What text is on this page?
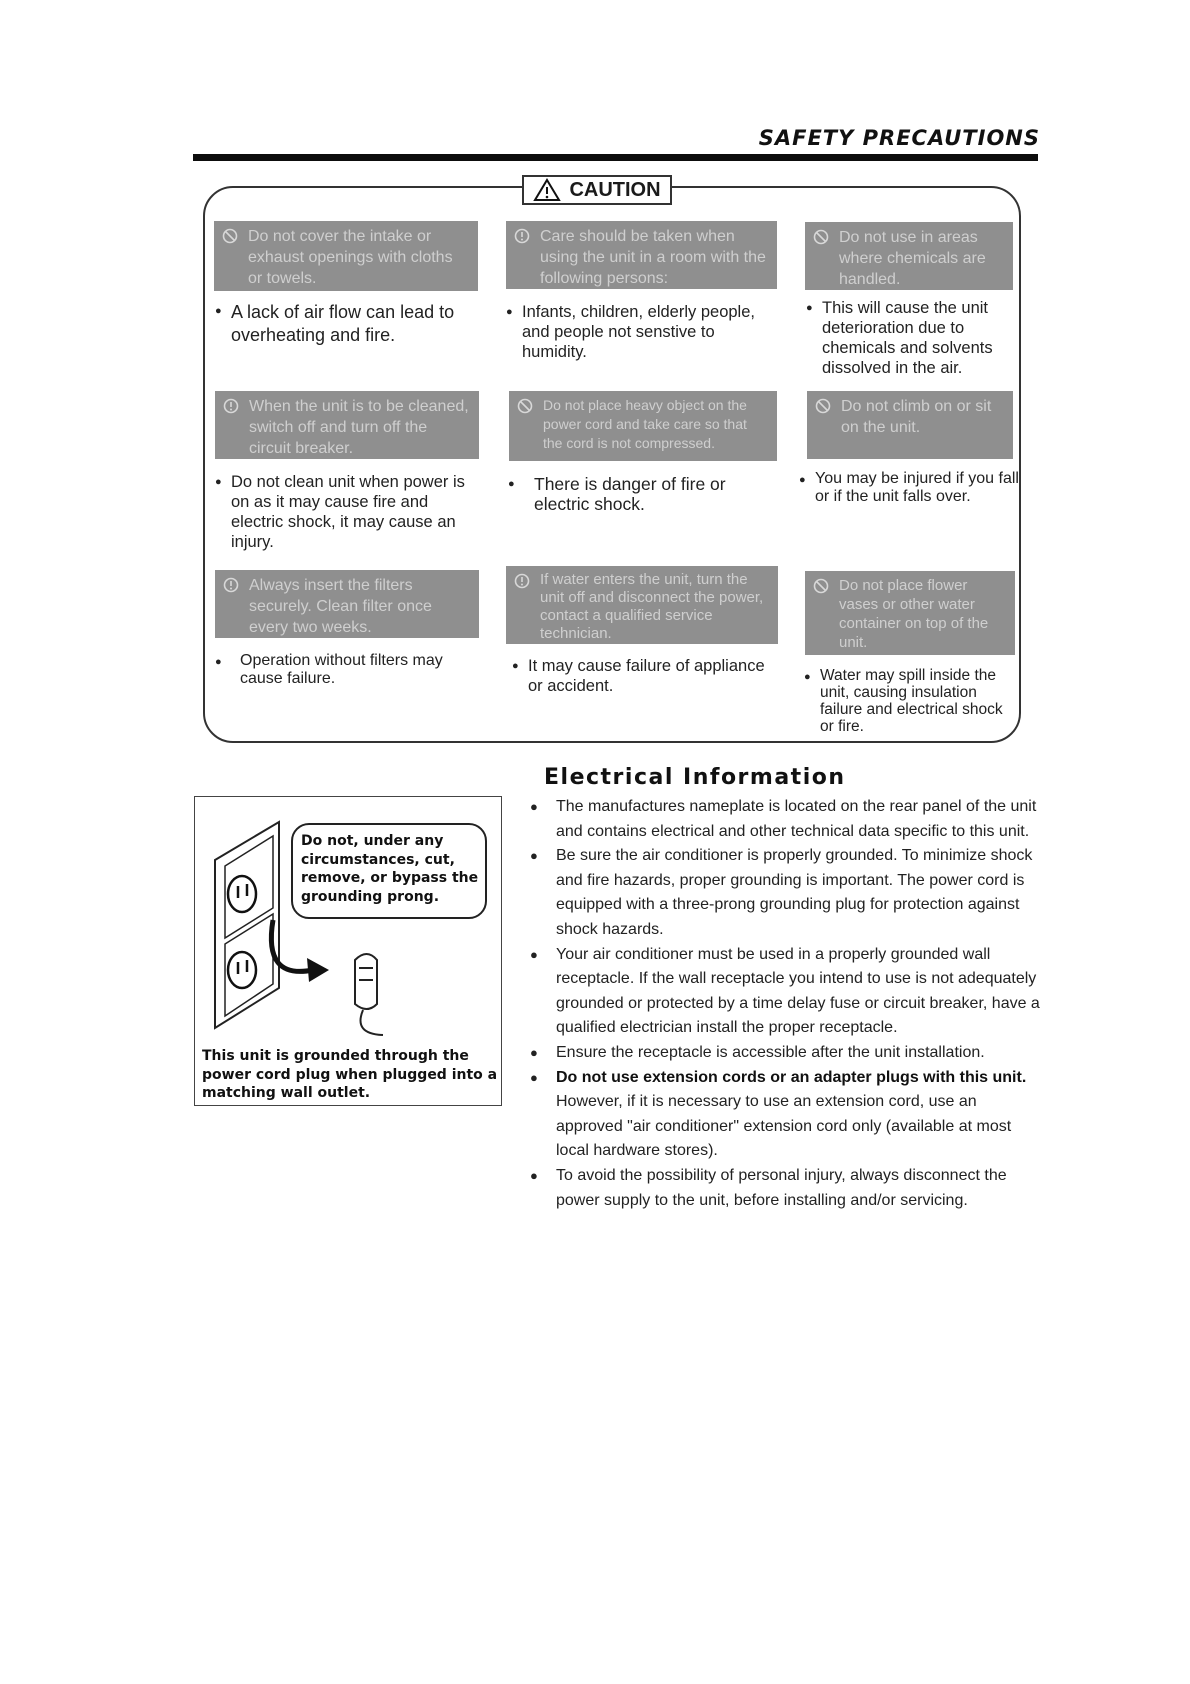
SAFETY PRECAUTIONS
CAUTION
Do not cover the intake or exhaust openings with cloths or towels.
● A lack of air flow can lead to overheating and fire.
Care should be taken when using the unit in a room with the following persons:
● Infants, children, elderly people, and people not senstive to humidity.
Do not use in areas where chemicals are handled.
● This will cause the unit deterioration due to chemicals and solvents dissolved in the air.
When the unit is to be cleaned, switch off and turn off the circuit breaker.
● Do not clean unit when power is on as it may cause fire and electric shock, it may cause an injury.
Do not place heavy object on the power cord and take care so that the cord is not compressed.
● There is danger of fire or electric shock.
Do not climb on or sit on the unit.
● You may be injured if you fall or if the unit falls over.
Always insert the filters securely. Clean filter once every two weeks.
● Operation without filters may cause failure.
If water enters the unit, turn the unit off and disconnect the power, contact a qualified service technician.
● It may cause failure of appliance or accident.
Do not place flower vases or other water container on top of the unit.
● Water may spill inside the unit, causing insulation failure and electrical shock or fire.
Electrical Information
● The manufactures nameplate is located on the rear panel of the unit and contains electrical and other technical data specific to this unit.
● Be sure the air conditioner is properly grounded. To minimize shock and fire hazards, proper grounding is important. The power cord is equipped with a three-prong grounding plug for protection against shock hazards.
● Your air conditioner must be used in a properly grounded wall receptacle. If the wall receptacle you intend to use is not adequately grounded or protected by a time delay fuse or circuit breaker, have a qualified electrician install the proper receptacle.
● Ensure the receptacle is accessible after the unit installation.
● Do not use extension cords or an adapter plugs with this unit. However, if it is necessary to use an extension cord, use an approved "air conditioner" extension cord only (available at most local hardware stores).
● To avoid the possibility of personal injury, always disconnect the power supply to the unit, before installing and/or servicing.
Do not, under any circumstances, cut, remove, or bypass the grounding prong.
This unit is grounded through the power cord plug when plugged into a matching wall outlet.
